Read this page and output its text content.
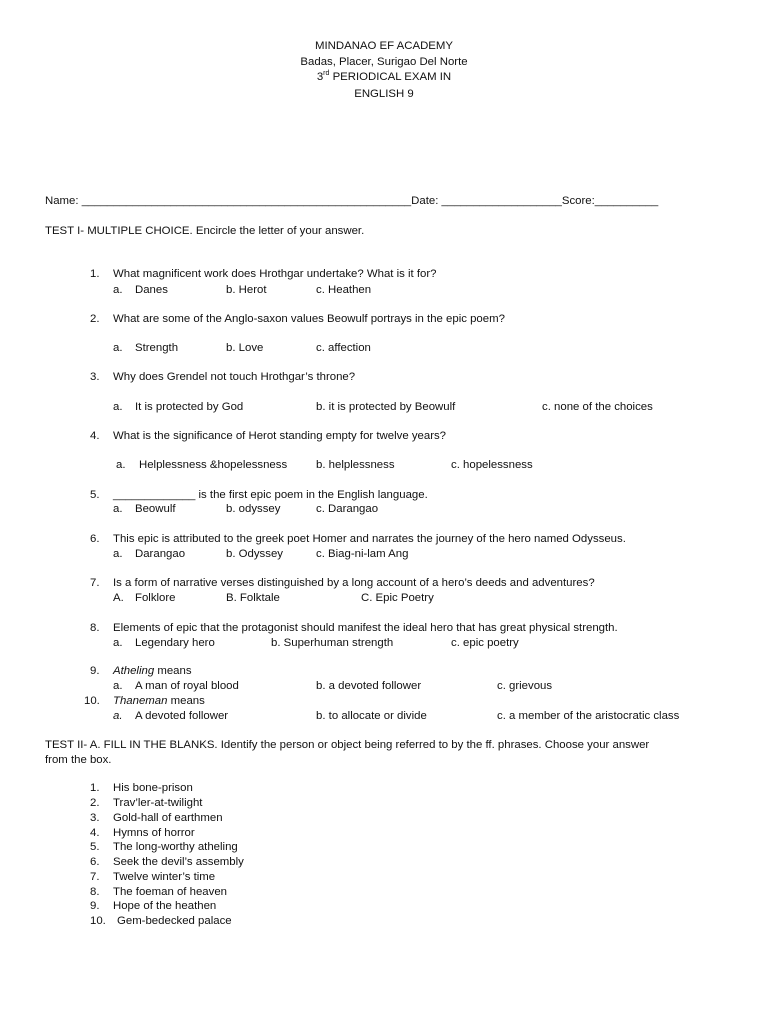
MINDANAO EF ACADEMY
Badas, Placer, Surigao Del Norte
3rd PERIODICAL EXAM IN
ENGLISH 9
Name: ____________________________________________________Date: ___________________Score:__________
TEST I- MULTIPLE CHOICE. Encircle the letter of your answer.
1. What magnificent work does Hrothgar undertake? What is it for?
a. Danes	b. Herot	c. Heathen
2. What are some of the Anglo-saxon values Beowulf portrays in the epic poem?
a. Strength	b. Love	c. affection
3. Why does Grendel not touch Hrothgar’s throne?
a. It is protected by God	b. it is protected by Beowulf	c. none of the choices
4. What is the significance of Herot standing empty for twelve years?
a. Helplessness &hopelessness	b. helplessness	c. hopelessness
5. _____________ is the first epic poem in the English language.
a. Beowulf	b. odyssey	c. Darangao
6. This epic is attributed to the greek poet Homer and narrates the journey of the hero named Odysseus.
a. Darangao	b. Odyssey	c. Biag-ni-lam Ang
7. Is a form of narrative verses distinguished by a long account of a hero’s deeds and adventures?
A. Folklore	B. Folktale	C. Epic Poetry
8. Elements of epic that the protagonist should manifest the ideal hero that has great physical strength.
a. Legendary hero	b. Superhuman strength	c. epic poetry
9. Atheling means
a. A man of royal blood	b. a devoted follower	c. grievous
10. Thaneman means
a. A devoted follower	b. to allocate or divide	c. a member of the aristocratic class
TEST II- A. FILL IN THE BLANKS. Identify the person or object being referred to by the ff. phrases. Choose your answer
from the box.
1. His bone-prison
2. Trav’ler-at-twilight
3. Gold-hall of earthmen
4. Hymns of horror
5. The long-worthy atheling
6. Seek the devil’s assembly
7. Twelve winter’s time
8. The foeman of heaven
9. Hope of the heathen
10. Gem-bedecked palace
